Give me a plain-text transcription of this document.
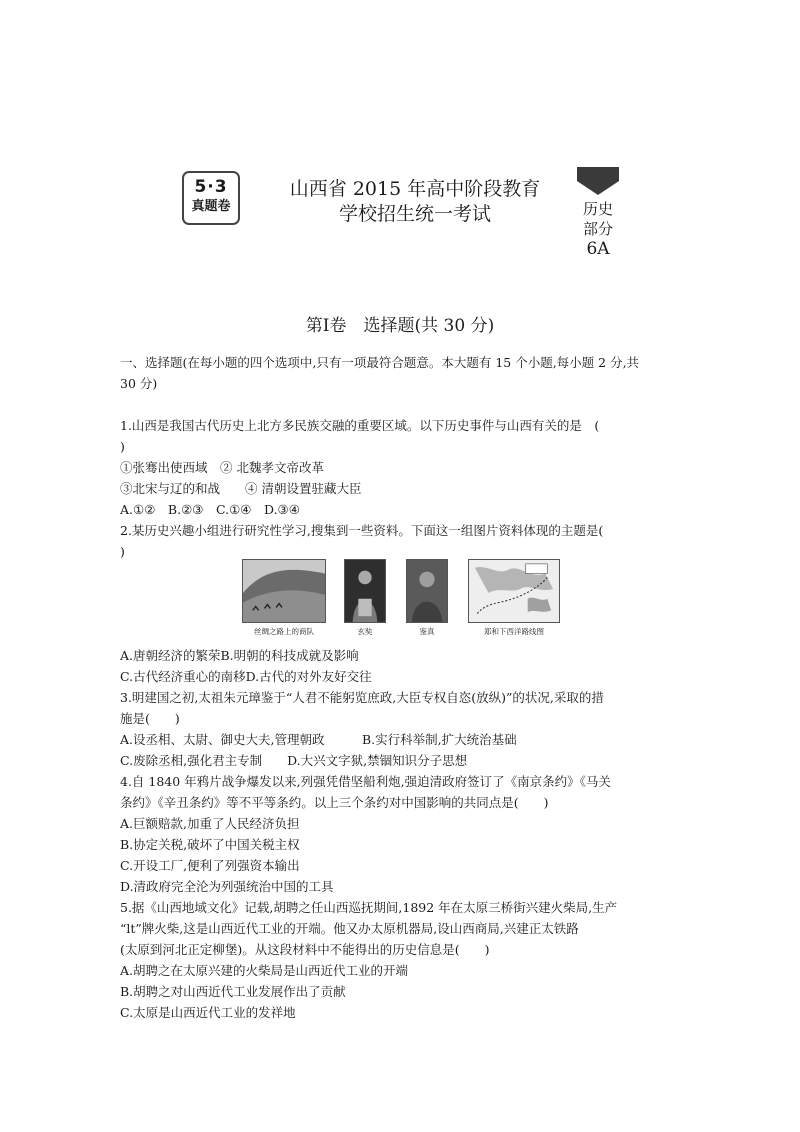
5·3
真题卷
山西省 2015 年高中阶段教育
学校招生统一考试	历史
部分
6A
第Ⅰ卷　选择题(共 30 分)
一、选择题(在每小题的四个选项中,只有一项最符合题意。本大题有 15 个小题,每小题 2 分,共
30 分)
1.山西是我国古代历史上北方多民族交融的重要区域。以下历史事件与山西有关的是　(
)
①张骞出使西域　② 北魏孝文帝改革
③北宋与辽的和战　　④ 清朝设置驻藏大臣
A.①②　B.②③　C.①④　D.③④
2.某历史兴趣小组进行研究性学习,搜集到一些资料。下面这一组图片资料体现的主题是(
)
丝绸之路上的商队	玄奘	鉴真	郑和下西洋路线图
A.唐朝经济的繁荣B.明朝的科技成就及影响
C.古代经济重心的南移D.古代的对外友好交往
3.明建国之初,太祖朱元璋鉴于“人君不能躬览庶政,大臣专权自恣(放纵)”的状况,采取的措
施是(　　)
A.设丞相、太尉、御史大夫,管理朝政　　　B.实行科举制,扩大统治基础
C.废除丞相,强化君主专制　　D.大兴文字狱,禁锢知识分子思想
4.自 1840 年鸦片战争爆发以来,列强凭借坚船利炮,强迫清政府签订了《南京条约》《马关
条约》《辛丑条约》等不平等条约。以上三个条约对中国影响的共同点是(　　)
A.巨额赔款,加重了人民经济负担
B.协定关税,破坏了中国关税主权
C.开设工厂,便利了列强资本输出
D.清政府完全沦为列强统治中国的工具
5.据《山西地域文化》记载,胡聘之任山西巡抚期间,1892 年在太原三桥街兴建火柴局,生产
“lt”牌火柴,这是山西近代工业的开端。他又办太原机器局,设山西商局,兴建正太铁路
(太原到河北正定柳堡)。从这段材料中不能得出的历史信息是(　　)
A.胡聘之在太原兴建的火柴局是山西近代工业的开端
B.胡聘之对山西近代工业发展作出了贡献
C.太原是山西近代工业的发祥地
